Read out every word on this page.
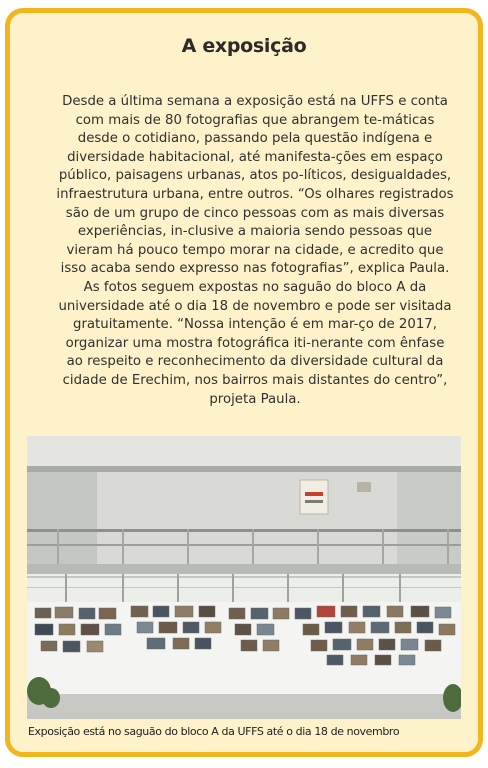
A exposição

Desde a última semana a exposição está na UFFS e conta com mais de 80 fotografias que abrangem te-máticas desde o cotidiano, passando pela questão indígena e diversidade habitacional, até manifesta-ções em espaço público, paisagens urbanas, atos po-líticos, desigualdades, infraestrutura urbana, entre outros. “Os olhares registrados são de um grupo de cinco pessoas com as mais diversas experiências, in-clusive a maioria sendo pessoas que vieram há pouco tempo morar na cidade, e acredito que isso acaba sendo expresso nas fotografias”, explica Paula.

As fotos seguem expostas no saguão do bloco A da universidade até o dia 18 de novembro e pode ser visitada gratuitamente. “Nossa intenção é em mar-ço de 2017, organizar uma mostra fotográfica iti-nerante com ênfase ao respeito e reconhecimento da diversidade cultural da cidade de Erechim, nos bairros mais distantes do centro”, projeta Paula.

Exposição está no saguão do bloco A da UFFS até o dia 18 de novembro
